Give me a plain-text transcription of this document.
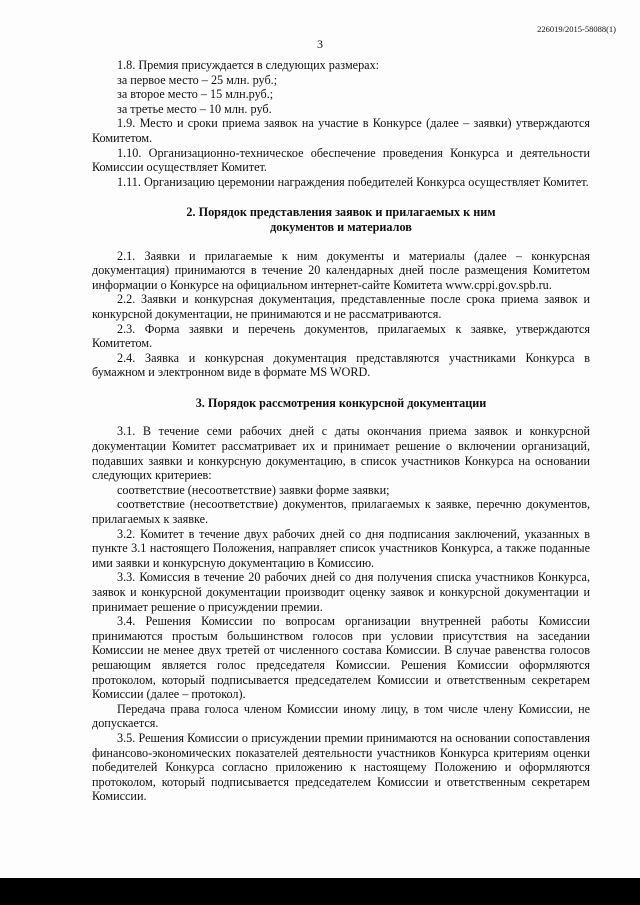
226019/2015-58088(1)
3

1.8. Премия присуждается в следующих размерах:

за первое место – 25 млн. руб.;

за второе место – 15 млн.руб.;

за третье место – 10 млн. руб.

1.9. Место и сроки приема заявок на участие в Конкурсе (далее – заявки) утверждаются Комитетом.

1.10. Организационно-техническое обеспечение проведения Конкурса и деятельности Комиссии осуществляет Комитет.

1.11. Организацию церемонии награждения победителей Конкурса осуществляет Комитет.

2. Порядок представления заявок и прилагаемых к ним
документов и материалов

2.1. Заявки и прилагаемые к ним документы и материалы (далее – конкурсная документация) принимаются в течение 20 календарных дней после размещения Комитетом информации о Конкурсе на официальном интернет-сайте Комитета www.cppi.gov.spb.ru.

2.2. Заявки и конкурсная документация, представленные после срока приема заявок и конкурсной документации, не принимаются и не рассматриваются.

2.3. Форма заявки и перечень документов, прилагаемых к заявке, утверждаются Комитетом.

2.4. Заявка и конкурсная документация представляются участниками Конкурса в бумажном и электронном виде в формате MS WORD.

3. Порядок рассмотрения конкурсной документации

3.1. В течение семи рабочих дней с даты окончания приема заявок и конкурсной документации Комитет рассматривает их и принимает решение о включении организаций, подавших заявки и конкурсную документацию, в список участников Конкурса на основании следующих критериев:

соответствие (несоответствие) заявки форме заявки;

соответствие (несоответствие) документов, прилагаемых к заявке, перечню документов, прилагаемых к заявке.

3.2. Комитет в течение двух рабочих дней со дня подписания заключений, указанных в пункте 3.1 настоящего Положения, направляет список участников Конкурса, а также поданные ими заявки и конкурсную документацию в Комиссию.

3.3. Комиссия в течение 20 рабочих дней со дня получения списка участников Конкурса, заявок и конкурсной документации производит оценку заявок и конкурсной документации и принимает решение о присуждении премии.

3.4. Решения Комиссии по вопросам организации внутренней работы Комиссии принимаются простым большинством голосов при условии присутствия на заседании Комиссии не менее двух третей от численного состава Комиссии. В случае равенства голосов решающим является голос председателя Комиссии. Решения Комиссии оформляются протоколом, который подписывается председателем Комиссии и ответственным секретарем Комиссии (далее – протокол).

Передача права голоса членом Комиссии иному лицу, в том числе члену Комиссии, не допускается.

3.5. Решения Комиссии о присуждении премии принимаются на основании сопоставления финансово-экономических показателей деятельности участников Конкурса критериям оценки победителей Конкурса согласно приложению к настоящему Положению и оформляются протоколом, который подписывается председателем Комиссии и ответственным секретарем Комиссии.
